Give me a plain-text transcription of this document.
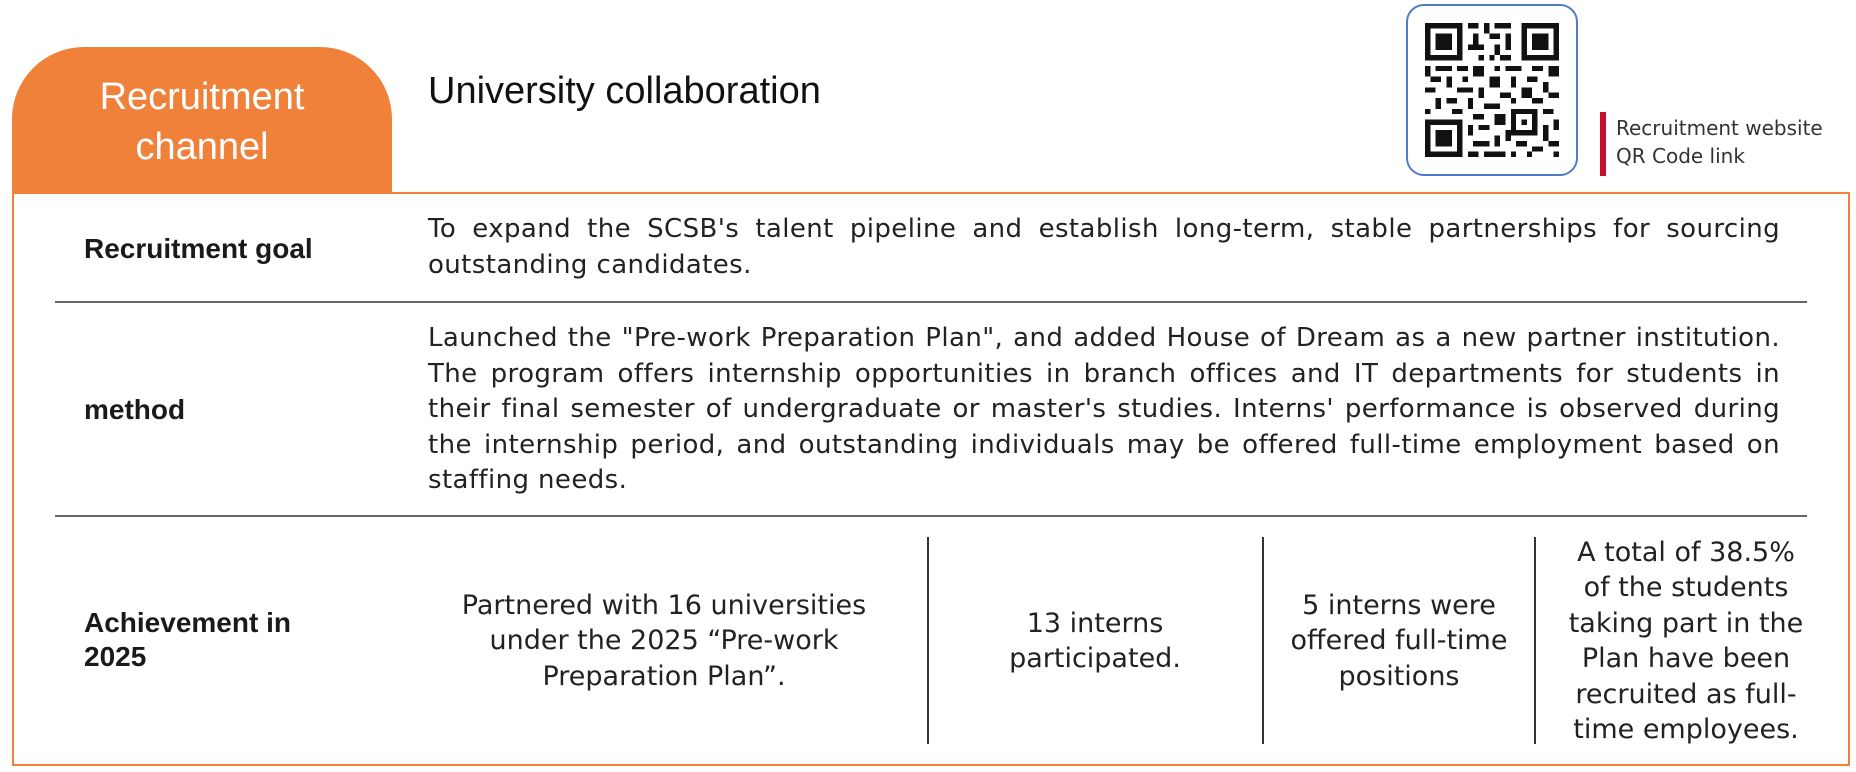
Recruitment channel
University collaboration
Recruitment website
QR Code link
Recruitment goal
To expand the SCSB's talent pipeline and establish long-term, stable partnerships for sourcing outstanding candidates.
method
Launched the "Pre-work Preparation Plan", and added House of Dream as a new partner institution. The program offers internship opportunities in branch offices and IT departments for students in their final semester of undergraduate or master's studies. Interns' performance is observed during the internship period, and outstanding individuals may be offered full-time employment based on staffing needs.
Achievement in 2025
Partnered with 16 universities under the 2025 “Pre-work Preparation Plan”.
13 interns participated.
5 interns were offered full-time positions
A total of 38.5% of the students taking part in the Plan have been recruited as full-time employees.
